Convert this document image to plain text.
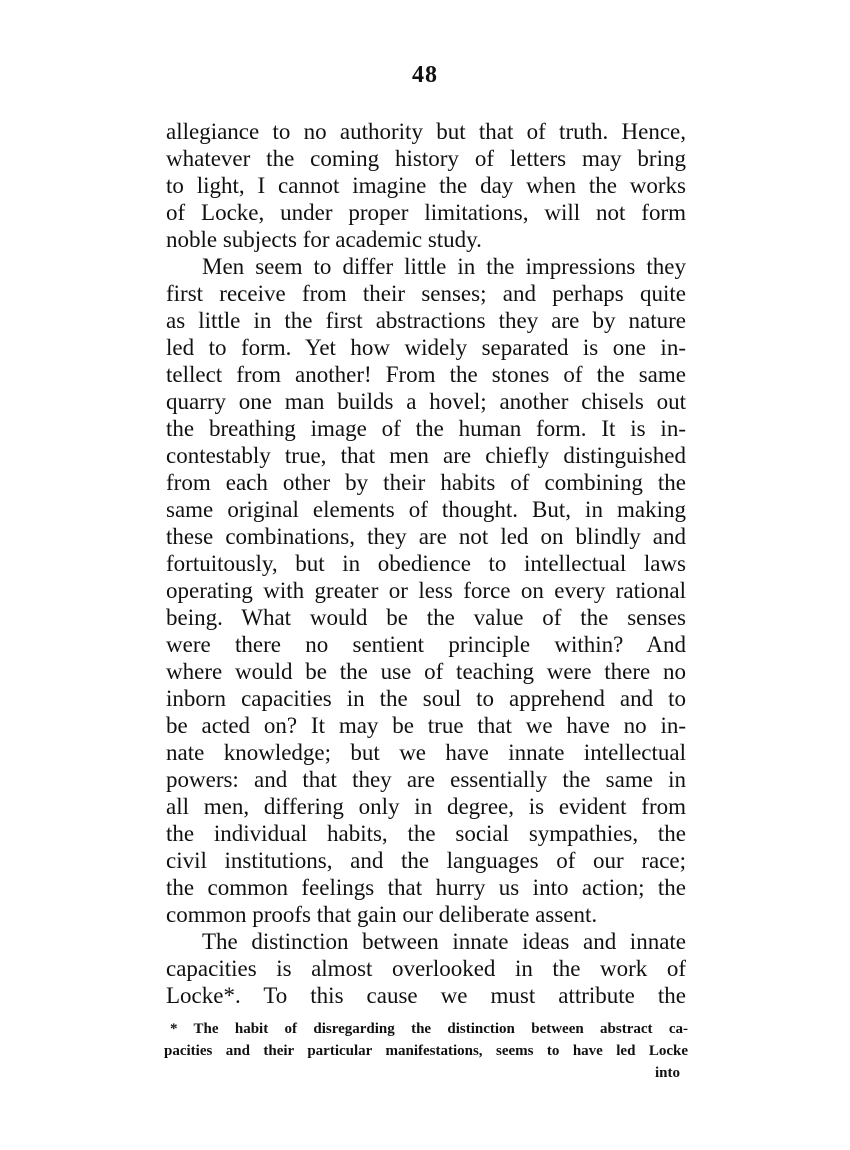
48
allegiance to no authority but that of truth. Hence,
whatever the coming history of letters may bring
to light, I cannot imagine the day when the works
of Locke, under proper limitations, will not form
noble subjects for academic study.
Men seem to differ little in the impressions they
first receive from their senses; and perhaps quite
as little in the first abstractions they are by nature
led to form. Yet how widely separated is one in-
tellect from another! From the stones of the same
quarry one man builds a hovel; another chisels out
the breathing image of the human form. It is in-
contestably true, that men are chiefly distinguished
from each other by their habits of combining the
same original elements of thought. But, in making
these combinations, they are not led on blindly and
fortuitously, but in obedience to intellectual laws
operating with greater or less force on every rational
being. What would be the value of the senses
were there no sentient principle within? And
where would be the use of teaching were there no
inborn capacities in the soul to apprehend and to
be acted on? It may be true that we have no in-
nate knowledge; but we have innate intellectual
powers: and that they are essentially the same in
all men, differing only in degree, is evident from
the individual habits, the social sympathies, the
civil institutions, and the languages of our race;
the common feelings that hurry us into action; the
common proofs that gain our deliberate assent.
The distinction between innate ideas and innate
capacities is almost overlooked in the work of
Locke*. To this cause we must attribute the
* The habit of disregarding the distinction between abstract ca-
pacities and their particular manifestations, seems to have led Locke
into
